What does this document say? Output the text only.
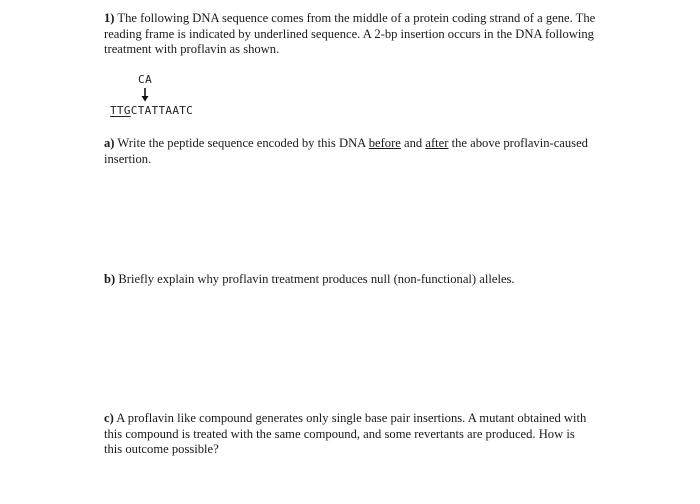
1) The following DNA sequence comes from the middle of a protein coding strand of a gene. The reading frame is indicated by underlined sequence. A 2-bp insertion occurs in the DNA following treatment with proflavin as shown.

CA
TTGCTATTAATC

a) Write the peptide sequence encoded by this DNA before and after the above proflavin-caused insertion.

b) Briefly explain why proflavin treatment produces null (non-functional) alleles.

c) A proflavin like compound generates only single base pair insertions. A mutant obtained with this compound is treated with the same compound, and some revertants are produced. How is this outcome possible?
